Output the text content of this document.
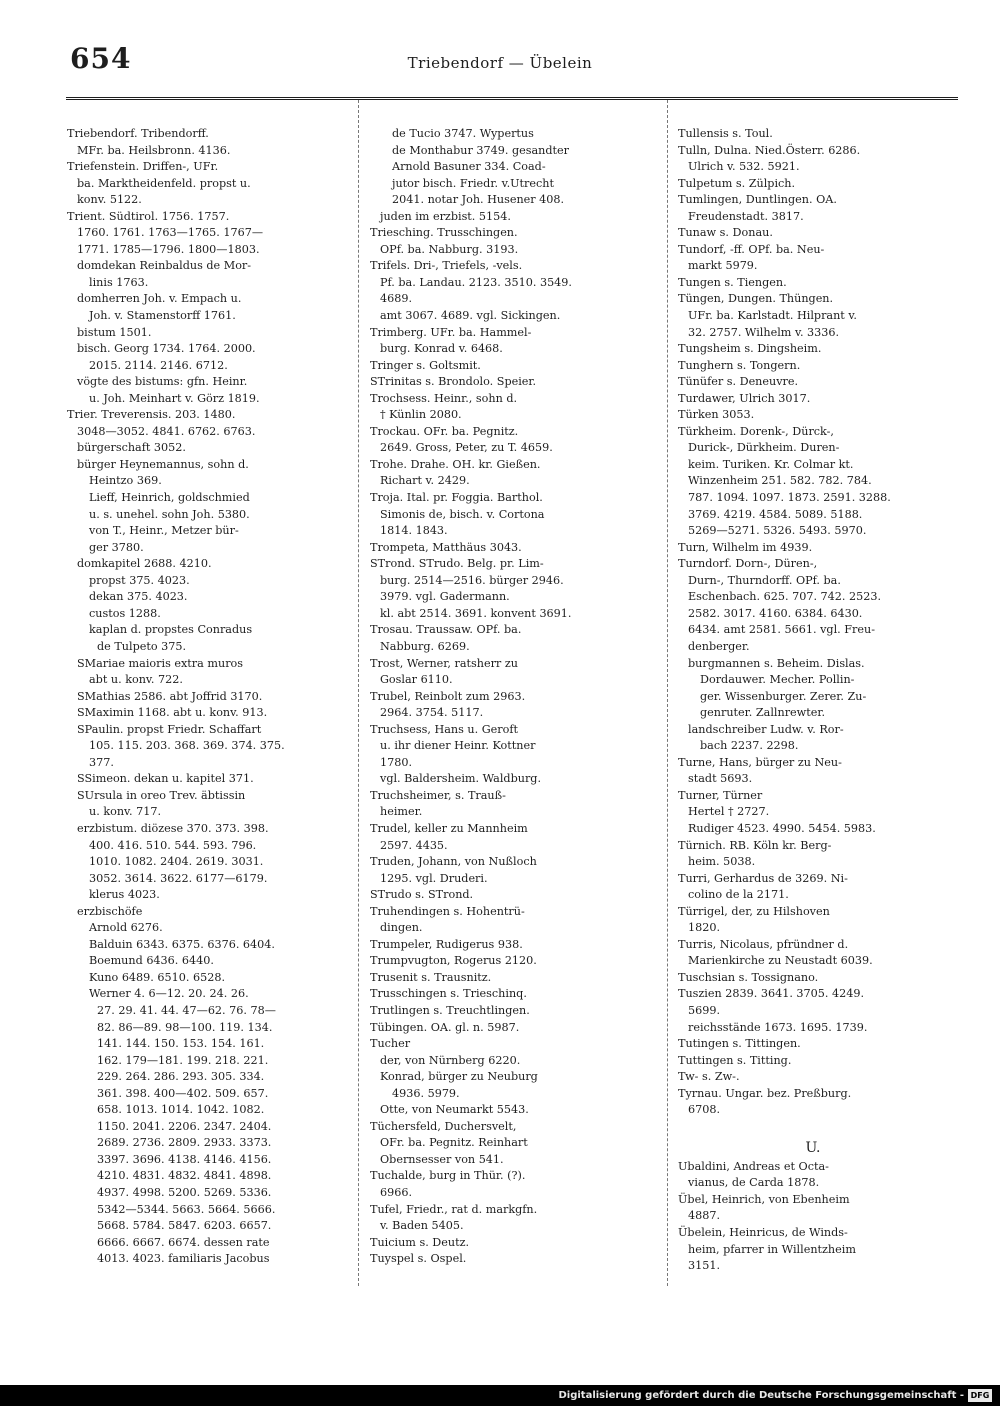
654	Triebendorf — Übelein
Triebendorf. Tribendorff.
MFr. ba. Heilsbronn. 4136.
Triefenstein. Driffen-, UFr.
ba. Marktheidenfeld. propst u.
konv. 5122.
Trient. Südtirol. 1756. 1757.
1760. 1761. 1763—1765. 1767—
1771. 1785—1796. 1800—1803.
domdekan Reinbaldus de Mor-
linis 1763.
domherren Joh. v. Empach u.
Joh. v. Stamenstorff 1761.
bistum 1501.
bisch. Georg 1734. 1764. 2000.
2015. 2114. 2146. 6712.
vögte des bistums: gfn. Heinr.
u. Joh. Meinhart v. Görz 1819.
Trier. Treverensis. 203. 1480.
3048—3052. 4841. 6762. 6763.
bürgerschaft 3052.
bürger Heynemannus, sohn d.
Heintzo 369.
Lieff, Heinrich, goldschmied
u. s. unehel. sohn Joh. 5380.
von T., Heinr., Metzer bür-
ger 3780.
domkapitel 2688. 4210.
propst 375. 4023.
dekan 375. 4023.
custos 1288.
kaplan d. propstes Conradus
de Tulpeto 375.
SMariae maioris extra muros
abt u. konv. 722.
SMathias 2586. abt Joffrid 3170.
SMaximin 1168. abt u. konv. 913.
SPaulin. propst Friedr. Schaffart
105. 115. 203. 368. 369. 374. 375.
377.
SSimeon. dekan u. kapitel 371.
SUrsula in oreo Trev. äbtissin
u. konv. 717.
erzbistum. diözese 370. 373. 398.
400. 416. 510. 544. 593. 796.
1010. 1082. 2404. 2619. 3031.
3052. 3614. 3622. 6177—6179.
klerus 4023.
erzbischöfe
Arnold 6276.
Balduin 6343. 6375. 6376. 6404.
Boemund 6436. 6440.
Kuno 6489. 6510. 6528.
Werner 4. 6—12. 20. 24. 26.
27. 29. 41. 44. 47—62. 76. 78—
82. 86—89. 98—100. 119. 134.
141. 144. 150. 153. 154. 161.
162. 179—181. 199. 218. 221.
229. 264. 286. 293. 305. 334.
361. 398. 400—402. 509. 657.
658. 1013. 1014. 1042. 1082.
1150. 2041. 2206. 2347. 2404.
2689. 2736. 2809. 2933. 3373.
3397. 3696. 4138. 4146. 4156.
4210. 4831. 4832. 4841. 4898.
4937. 4998. 5200. 5269. 5336.
5342—5344. 5663. 5664. 5666.
5668. 5784. 5847. 6203. 6657.
6666. 6667. 6674. dessen rate
4013. 4023. familiaris Jacobus
de Tucio 3747. Wypertus
de Monthabur 3749. gesandter
Arnold Basuner 334. Coad-
jutor bisch. Friedr. v.Utrecht
2041. notar Joh. Husener 408.
juden im erzbist. 5154.
Triesching. Trusschingen.
OPf. ba. Nabburg. 3193.
Trifels. Dri-, Triefels, -vels.
Pf. ba. Landau. 2123. 3510. 3549.
4689.
amt 3067. 4689. vgl. Sickingen.
Trimberg. UFr. ba. Hammel-
burg. Konrad v. 6468.
Tringer s. Goltsmit.
STrinitas s. Brondolo. Speier.
Trochsess. Heinr., sohn d.
† Künlin 2080.
Trockau. OFr. ba. Pegnitz.
2649. Gross, Peter, zu T. 4659.
Trohe. Drahe. OH. kr. Gießen.
Richart v. 2429.
Troja. Ital. pr. Foggia. Barthol.
Simonis de, bisch. v. Cortona
1814. 1843.
Trompeta, Matthäus 3043.
STrond. STrudo. Belg. pr. Lim-
burg. 2514—2516. bürger 2946.
3979. vgl. Gadermann.
kl. abt 2514. 3691. konvent 3691.
Trosau. Traussaw. OPf. ba.
Nabburg. 6269.
Trost, Werner, ratsherr zu
Goslar 6110.
Trubel, Reinbolt zum 2963.
2964. 3754. 5117.
Truchsess, Hans u. Geroft
u. ihr diener Heinr. Kottner
1780.
vgl. Baldersheim. Waldburg.
Truchsheimer, s. Trauß-
heimer.
Trudel, keller zu Mannheim
2597. 4435.
Truden, Johann, von Nußloch
1295. vgl. Druderi.
STrudo s. STrond.
Truhendingen s. Hohentrü-
dingen.
Trumpeler, Rudigerus 938.
Trumpvugton, Rogerus 2120.
Trusenit s. Trausnitz.
Trusschingen s. Trieschinq.
Trutlingen s. Treuchtlingen.
Tübingen. OA. gl. n. 5987.
Tucher
der, von Nürnberg 6220.
Konrad, bürger zu Neuburg
4936. 5979.
Otte, von Neumarkt 5543.
Tüchersfeld, Duchersvelt,
OFr. ba. Pegnitz. Reinhart
Obernsesser von 541.
Tuchalde, burg in Thür. (?).
6966.
Tufel, Friedr., rat d. markgfn.
v. Baden 5405.
Tuicium s. Deutz.
Tuyspel s. Ospel.
Tullensis s. Toul.
Tulln, Dulna. Nied.Österr. 6286.
Ulrich v. 532. 5921.
Tulpetum s. Zülpich.
Tumlingen, Duntlingen. OA.
Freudenstadt. 3817.
Tunaw s. Donau.
Tundorf, -ff. OPf. ba. Neu-
markt 5979.
Tungen s. Tiengen.
Tüngen, Dungen. Thüngen.
UFr. ba. Karlstadt. Hilprant v.
32. 2757. Wilhelm v. 3336.
Tungsheim s. Dingsheim.
Tunghern s. Tongern.
Tünüfer s. Deneuvre.
Turdawer, Ulrich 3017.
Türken 3053.
Türkheim. Dorenk-, Dürck-,
Durick-, Dürkheim. Duren-
keim. Turiken. Kr. Colmar kt.
Winzenheim 251. 582. 782. 784.
787. 1094. 1097. 1873. 2591. 3288.
3769. 4219. 4584. 5089. 5188.
5269—5271. 5326. 5493. 5970.
Turn, Wilhelm im 4939.
Turndorf. Dorn-, Düren-,
Durn-, Thurndorff. OPf. ba.
Eschenbach. 625. 707. 742. 2523.
2582. 3017. 4160. 6384. 6430.
6434. amt 2581. 5661. vgl. Freu-
denberger.
burgmannen s. Beheim. Dislas.
Dordauwer. Mecher. Pollin-
ger. Wissenburger. Zerer. Zu-
genruter. Zallnrewter.
landschreiber Ludw. v. Ror-
bach 2237. 2298.
Turne, Hans, bürger zu Neu-
stadt 5693.
Turner, Türner
Hertel † 2727.
Rudiger 4523. 4990. 5454. 5983.
Türnich. RB. Köln kr. Berg-
heim. 5038.
Turri, Gerhardus de 3269. Ni-
colino de la 2171.
Türrigel, der, zu Hilshoven
1820.
Turris, Nicolaus, pfründner d.
Marienkirche zu Neustadt 6039.
Tuschsian s. Tossignano.
Tuszien 2839. 3641. 3705. 4249.
5699.
reichsstände 1673. 1695. 1739.
Tutingen s. Tittingen.
Tuttingen s. Titting.
Tw- s. Zw-.
Tyrnau. Ungar. bez. Preßburg.
6708.
U.
Ubaldini, Andreas et Octa-
vianus, de Carda 1878.
Übel, Heinrich, von Ebenheim
4887.
Übelein, Heinricus, de Winds-
heim, pfarrer in Willentzheim
3151.
Digitalisierung gefördert durch die Deutsche Forschungsgemeinschaft - DFG
